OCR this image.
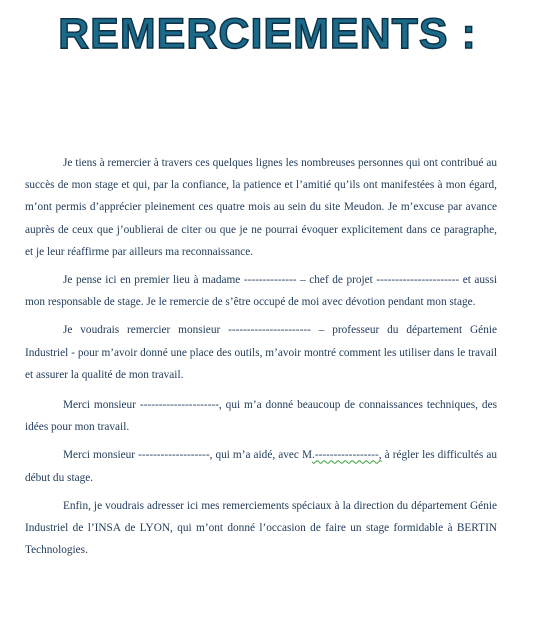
REMERCIEMENTS :

Je tiens à remercier à travers ces quelques lignes les nombreuses personnes qui ont contribué au succès de mon stage et qui, par la confiance, la patience et l’amitié qu’ils ont manifestées à mon égard, m’ont permis d’apprécier pleinement ces quatre mois au sein du site Meudon. Je m’excuse par avance auprès de ceux que j’oublierai de citer ou que je ne pourrai évoquer explicitement dans ce paragraphe, et je leur réaffirme par ailleurs ma reconnaissance.

Je pense ici en premier lieu à madame -------------- – chef de projet ---------------------- et aussi mon responsable de stage. Je le remercie de s’être occupé de moi avec dévotion pendant mon stage.

Je voudrais remercier monsieur ---------------------- – professeur du département Génie Industriel - pour m’avoir donné une place des outils, m’avoir montré comment les utiliser dans le travail et assurer la qualité de mon travail.

Merci monsieur ---------------------, qui m’a donné beaucoup de connaissances techniques, des idées pour mon travail.

Merci monsieur -------------------, qui m’a aidé, avec M.-----------------, à régler les difficultés au début du stage.

Enfin, je voudrais adresser ici mes remerciements spéciaux à la direction du département Génie Industriel de l’INSA de LYON, qui m’ont donné l’occasion de faire un stage formidable à BERTIN Technologies.
